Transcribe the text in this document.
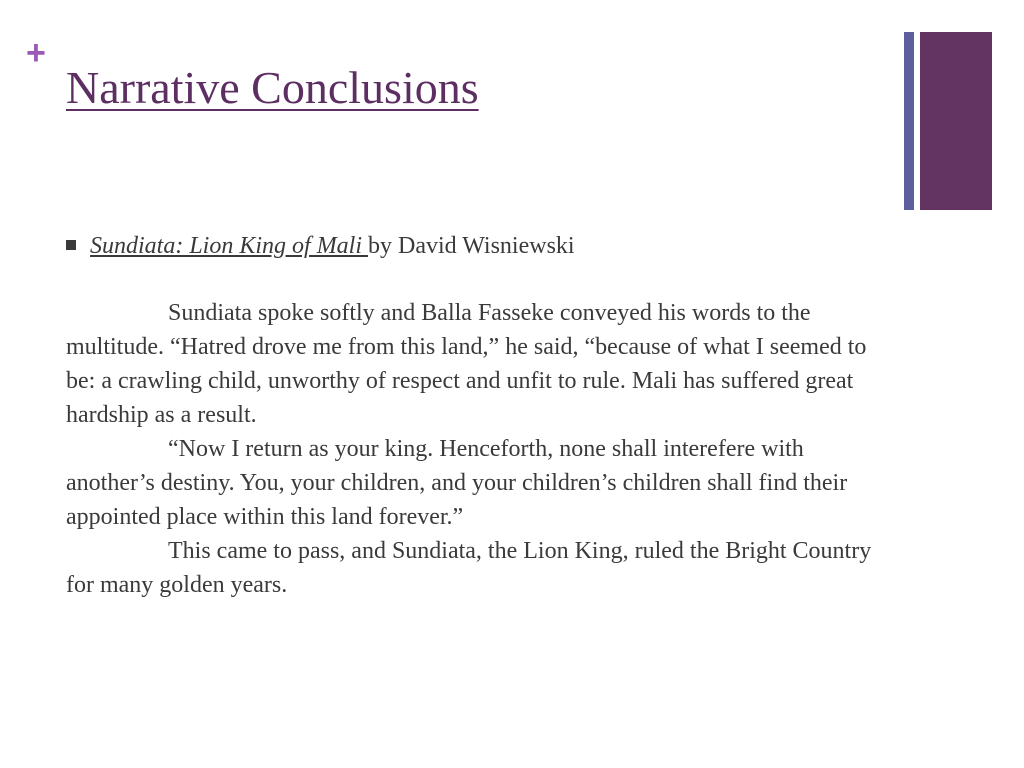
+
Narrative Conclusions
Sundiata: Lion King of Mali by David Wisniewski

Sundiata spoke softly and Balla Fasseke conveyed his words to the multitude. “Hatred drove me from this land,” he said, “because of what I seemed to be: a crawling child, unworthy of respect and unfit to rule. Mali has suffered great hardship as a result.

“Now I return as your king. Henceforth, none shall interefere with another’s destiny. You, your children, and your children’s children shall find their appointed place within this land forever.”

This came to pass, and Sundiata, the Lion King, ruled the Bright Country for many golden years.
